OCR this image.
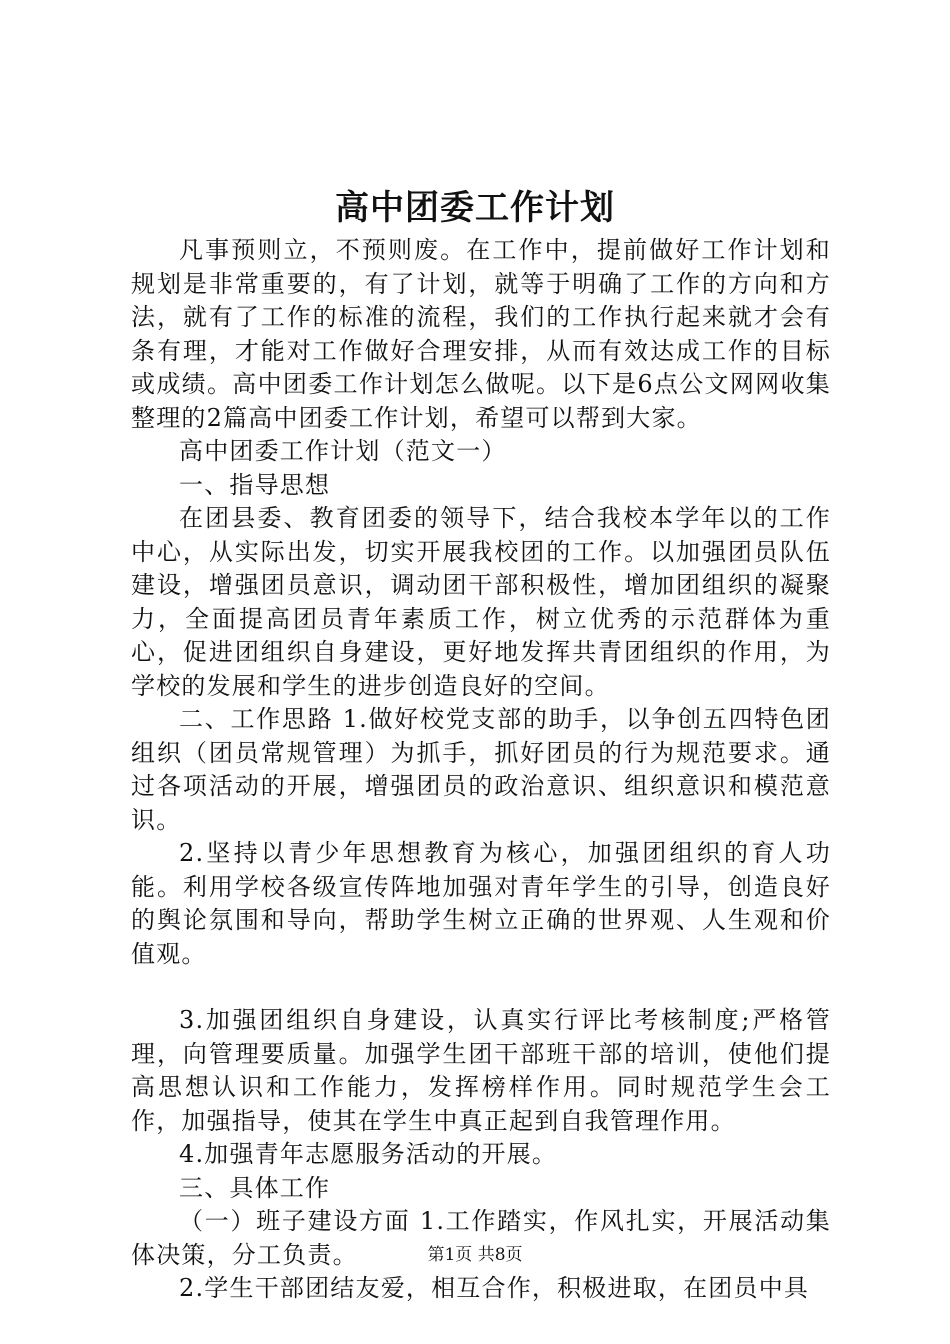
高中团委工作计划

凡事预则立，不预则废。在工作中，提前做好工作计划和规划是非常重要的，有了计划，就等于明确了工作的方向和方法，就有了工作的标准的流程，我们的工作执行起来就才会有条有理，才能对工作做好合理安排，从而有效达成工作的目标或成绩。高中团委工作计划怎么做呢。以下是6点公文网网收集整理的2篇高中团委工作计划，希望可以帮到大家。

高中团委工作计划（范文一）

一、指导思想

在团县委、教育团委的领导下，结合我校本学年以的工作中心，从实际出发，切实开展我校团的工作。以加强团员队伍建设，增强团员意识，调动团干部积极性，增加团组织的凝聚力，全面提高团员青年素质工作，树立优秀的示范群体为重心，促进团组织自身建设，更好地发挥共青团组织的作用，为学校的发展和学生的进步创造良好的空间。

二、工作思路 1.做好校党支部的助手，以争创五四特色团组织（团员常规管理）为抓手，抓好团员的行为规范要求。通过各项活动的开展，增强团员的政治意识、组织意识和模范意识。

2.坚持以青少年思想教育为核心，加强团组织的育人功能。利用学校各级宣传阵地加强对青年学生的引导，创造良好的舆论氛围和导向，帮助学生树立正确的世界观、人生观和价值观。

3.加强团组织自身建设，认真实行评比考核制度;严格管理，向管理要质量。加强学生团干部班干部的培训，使他们提高思想认识和工作能力，发挥榜样作用。同时规范学生会工作，加强指导，使其在学生中真正起到自我管理作用。

4.加强青年志愿服务活动的开展。

三、具体工作

（一）班子建设方面 1.工作踏实，作风扎实，开展活动集体决策，分工负责。

2.学生干部团结友爱，相互合作，积极进取，在团员中具

第1页 共8页
